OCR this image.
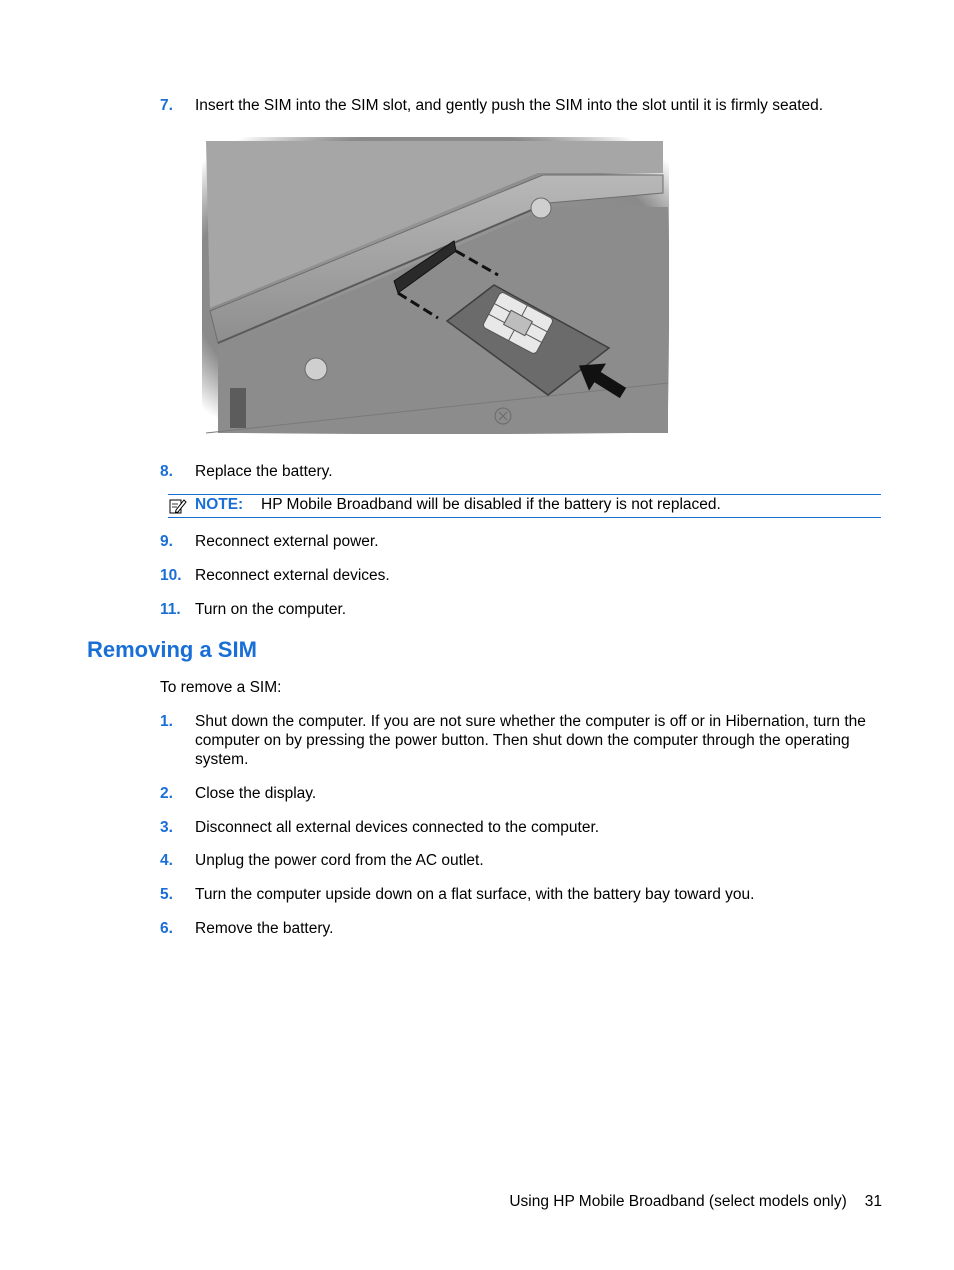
7. Insert the SIM into the SIM slot, and gently push the SIM into the slot until it is firmly seated.
8. Replace the battery.
NOTE: HP Mobile Broadband will be disabled if the battery is not replaced.
9. Reconnect external power.
10. Reconnect external devices.
11. Turn on the computer.
Removing a SIM
To remove a SIM:
1. Shut down the computer. If you are not sure whether the computer is off or in Hibernation, turn the computer on by pressing the power button. Then shut down the computer through the operating system.
2. Close the display.
3. Disconnect all external devices connected to the computer.
4. Unplug the power cord from the AC outlet.
5. Turn the computer upside down on a flat surface, with the battery bay toward you.
6. Remove the battery.
Using HP Mobile Broadband (select models only) 31
